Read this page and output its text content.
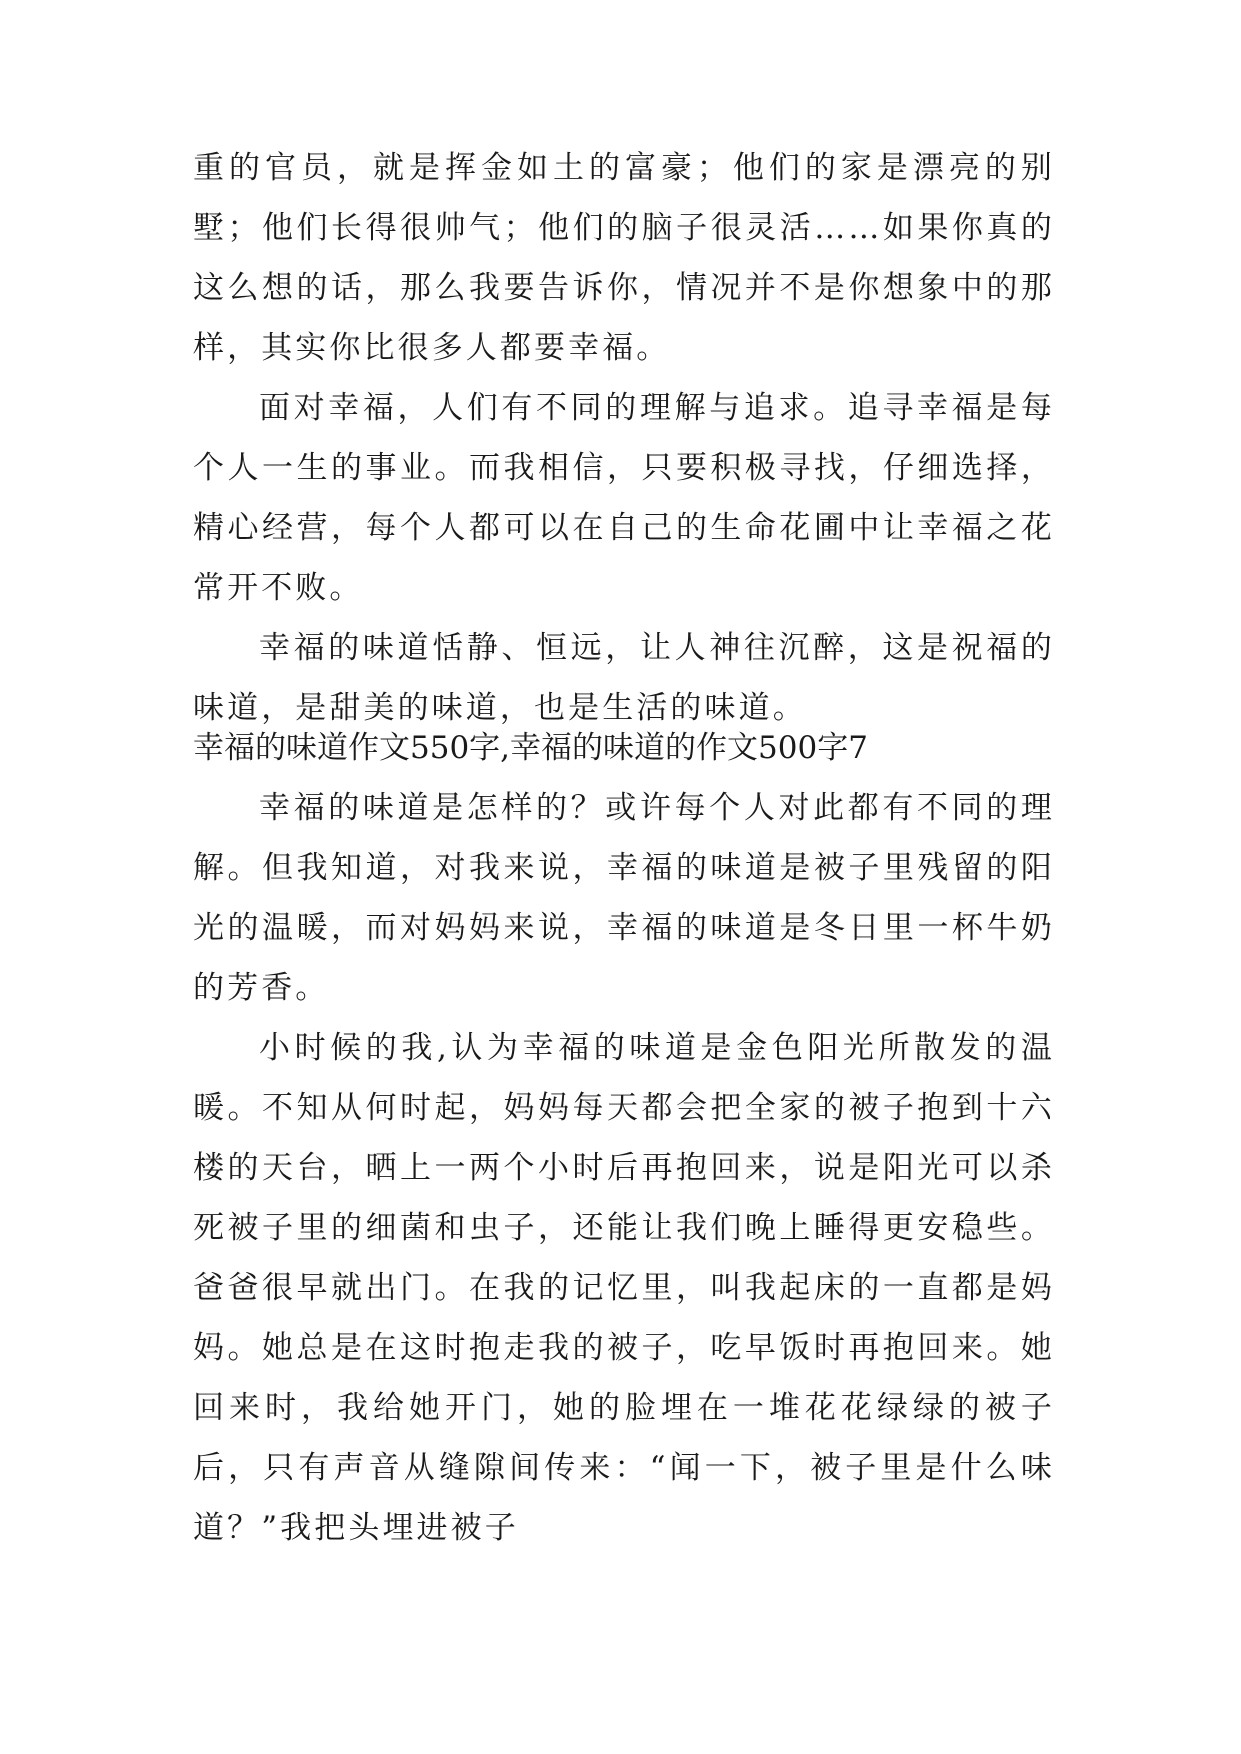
重的官员，就是挥金如土的富豪；他们的家是漂亮的别墅；他们长得很帅气；他们的脑子很灵活……如果你真的这么想的话，那么我要告诉你，情况并不是你想象中的那样，其实你比很多人都要幸福。

面对幸福，人们有不同的理解与追求。追寻幸福是每个人一生的事业。而我相信，只要积极寻找，仔细选择，精心经营，每个人都可以在自己的生命花圃中让幸福之花常开不败。

幸福的味道恬静、恒远，让人神往沉醉，这是祝福的味道，是甜美的味道，也是生活的味道。

幸福的味道作文550字,幸福的味道的作文500字7

幸福的味道是怎样的？或许每个人对此都有不同的理解。但我知道，对我来说，幸福的味道是被子里残留的阳光的温暖，而对妈妈来说，幸福的味道是冬日里一杯牛奶的芳香。

小时候的我,认为幸福的味道是金色阳光所散发的温暖。不知从何时起，妈妈每天都会把全家的被子抱到十六楼的天台，晒上一两个小时后再抱回来，说是阳光可以杀死被子里的细菌和虫子，还能让我们晚上睡得更安稳些。爸爸很早就出门。在我的记忆里，叫我起床的一直都是妈妈。她总是在这时抱走我的被子，吃早饭时再抱回来。她回来时，我给她开门，她的脸埋在一堆花花绿绿的被子后，只有声音从缝隙间传来：“闻一下，被子里是什么味道？”我把头埋进被子
